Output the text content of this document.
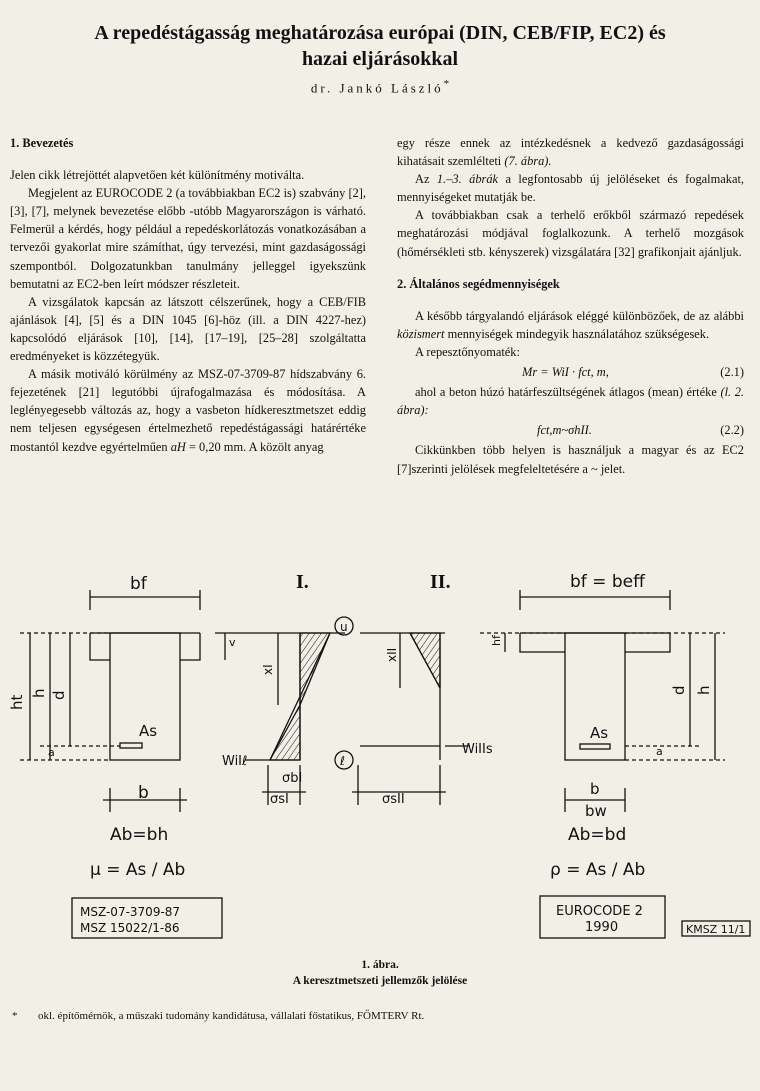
A repedéstágasság meghatározása európai (DIN, CEB/FIP, EC2) és
hazai eljárásokkal
dr. Jankó László*

1. Bevezetés

Jelen cikk létrejöttét alapvetően két különítmény motiválta.

Megjelent az EUROCODE 2 (a továbbiakban EC2 is) szabvány [2], [3], [7], melynek bevezetése előbb -utóbb Magyarországon is várható. Felmerül a kérdés, hogy például a repedéskorlátozás vonatkozásában a tervezői gyakorlat mire számíthat, úgy tervezési, mint gazdaságossági szempontból. Dolgozatunkban tanulmány jelleggel igyekszünk bemutatni az EC2-ben leírt módszer részleteit.

A vizsgálatok kapcsán az látszott célszerűnek, hogy a CEB/FIB ajánlások [4], [5] és a DIN 1045 [6]-höz (ill. a DIN 4227-hez) kapcsolódó eljárások [10], [14], [17–19], [25–28] szolgáltatta eredményeket is közzétegyük.

A másik motiváló körülmény az MSZ-07-3709-87 hídszabvány 6. fejezetének [21] legutóbbi újrafogalmazása és módosítása. A leglényegesebb változás az, hogy a vasbeton hídkeresztmetszet eddig nem teljesen egységesen értelmezhető repedéstágassági határértéke mostantól kezdve egyértelműen aH = 0,20 mm. A közölt anyag

egy része ennek az intézkedésnek a kedvező gazdaságossági kihatásait szemlélteti (7. ábra).

Az 1.–3. ábrák a legfontosabb új jelöléseket és fogalmakat, mennyiségeket mutatják be.

A továbbiakban csak a terhelő erőkből származó repedések meghatározási módjával foglalkozunk. A terhelő mozgások (hőmérsékleti stb. kényszerek) vizsgálatára [32] grafikonjait ajánljuk.

2. Általános segédmennyiségek

A később tárgyalandó eljárások eléggé különbözőek, de az alábbi közismert mennyiségek mindegyik használatához szükségesek.

A repesztőnyomaték:

Mr = WiI · fct, m,	(2.1)

ahol a beton húzó határfeszültségének átlagos (mean) értéke (l. 2. ábra):

fct,m~σhII.	(2.2)

Cikkünkben több helyen is használjuk a magyar és az EC2 [7]szerinti jelölések megfeleltetésére a ~ jelet.

bf
As
ht
h d
a
v
b
Ab=bh
μ = As / Ab
MSZ-07-3709-87
MSZ 15022/1-86
I.
xI
u
ℓ
WiIℓ
σbI
σsI
II.
xII
WiIIs
σsII
bf = beff
As
hf
d h
a
b
bw
Ab=bd
ρ = As / Ab
EUROCODE 2
1990	KMSZ 11/1
1. ábra.
A keresztmetszeti jellemzők jelölése
* okl. építőmérnök, a műszaki tudomány kandidátusa, vállalati főstatikus, FŐMTERV Rt.
